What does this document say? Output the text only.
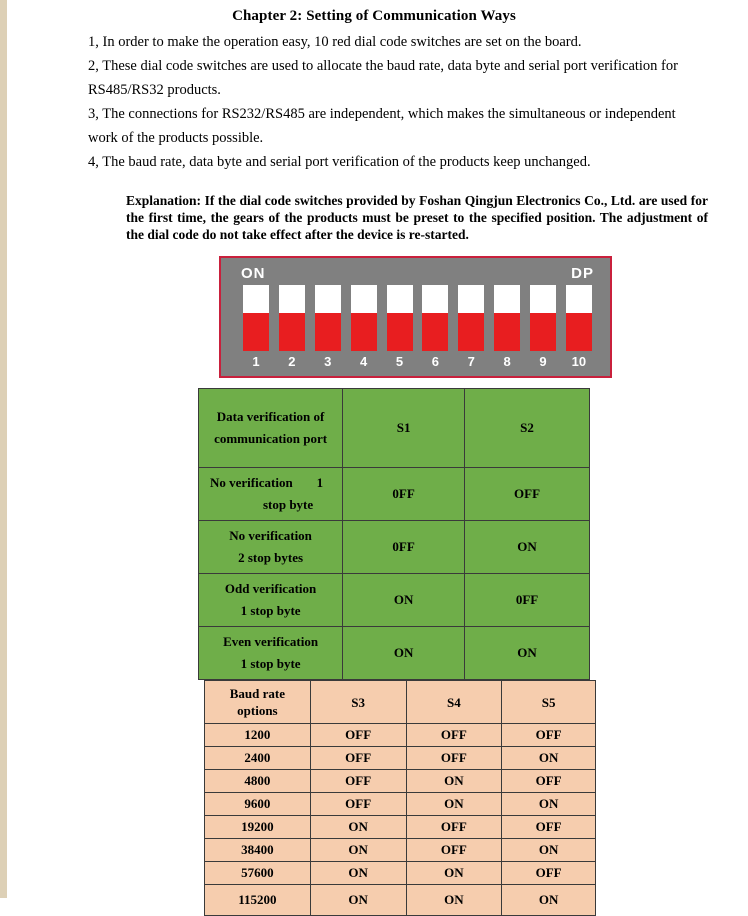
Chapter 2: Setting of Communication Ways

1, In order to make the operation easy, 10 red dial code switches are set on the board.

2, These dial code switches are used to allocate the baud rate, data byte and serial port verification for RS485/RS32 products.

3, The connections for RS232/RS485 are independent, which makes the simultaneous or independent work of the products possible.

4, The baud rate, data byte and serial port verification of the products keep unchanged.

Explanation: If the dial code switches provided by Foshan Qingjun Electronics Co., Ltd. are used for the first time, the gears of the products must be preset to the specified position. The adjustment of the dial code do not take effect after the device is re-started.
ON	DP
1	2	3	4	5	6	7	8	9	10
Data verification of
communication port	S1	S2

No verification 1
stop byte	0FF	OFF

No verification
2 stop bytes	0FF	ON

Odd verification
1 stop byte	ON	0FF

Even verification
1 stop byte	ON	ON
Baud rate
options	S3	S4	S5
1200	OFF	OFF	OFF
2400	OFF	OFF	ON
4800	OFF	ON	OFF
9600	OFF	ON	ON
19200	ON	OFF	OFF
38400	ON	OFF	ON
57600	ON	ON	OFF
115200	ON	ON	ON
